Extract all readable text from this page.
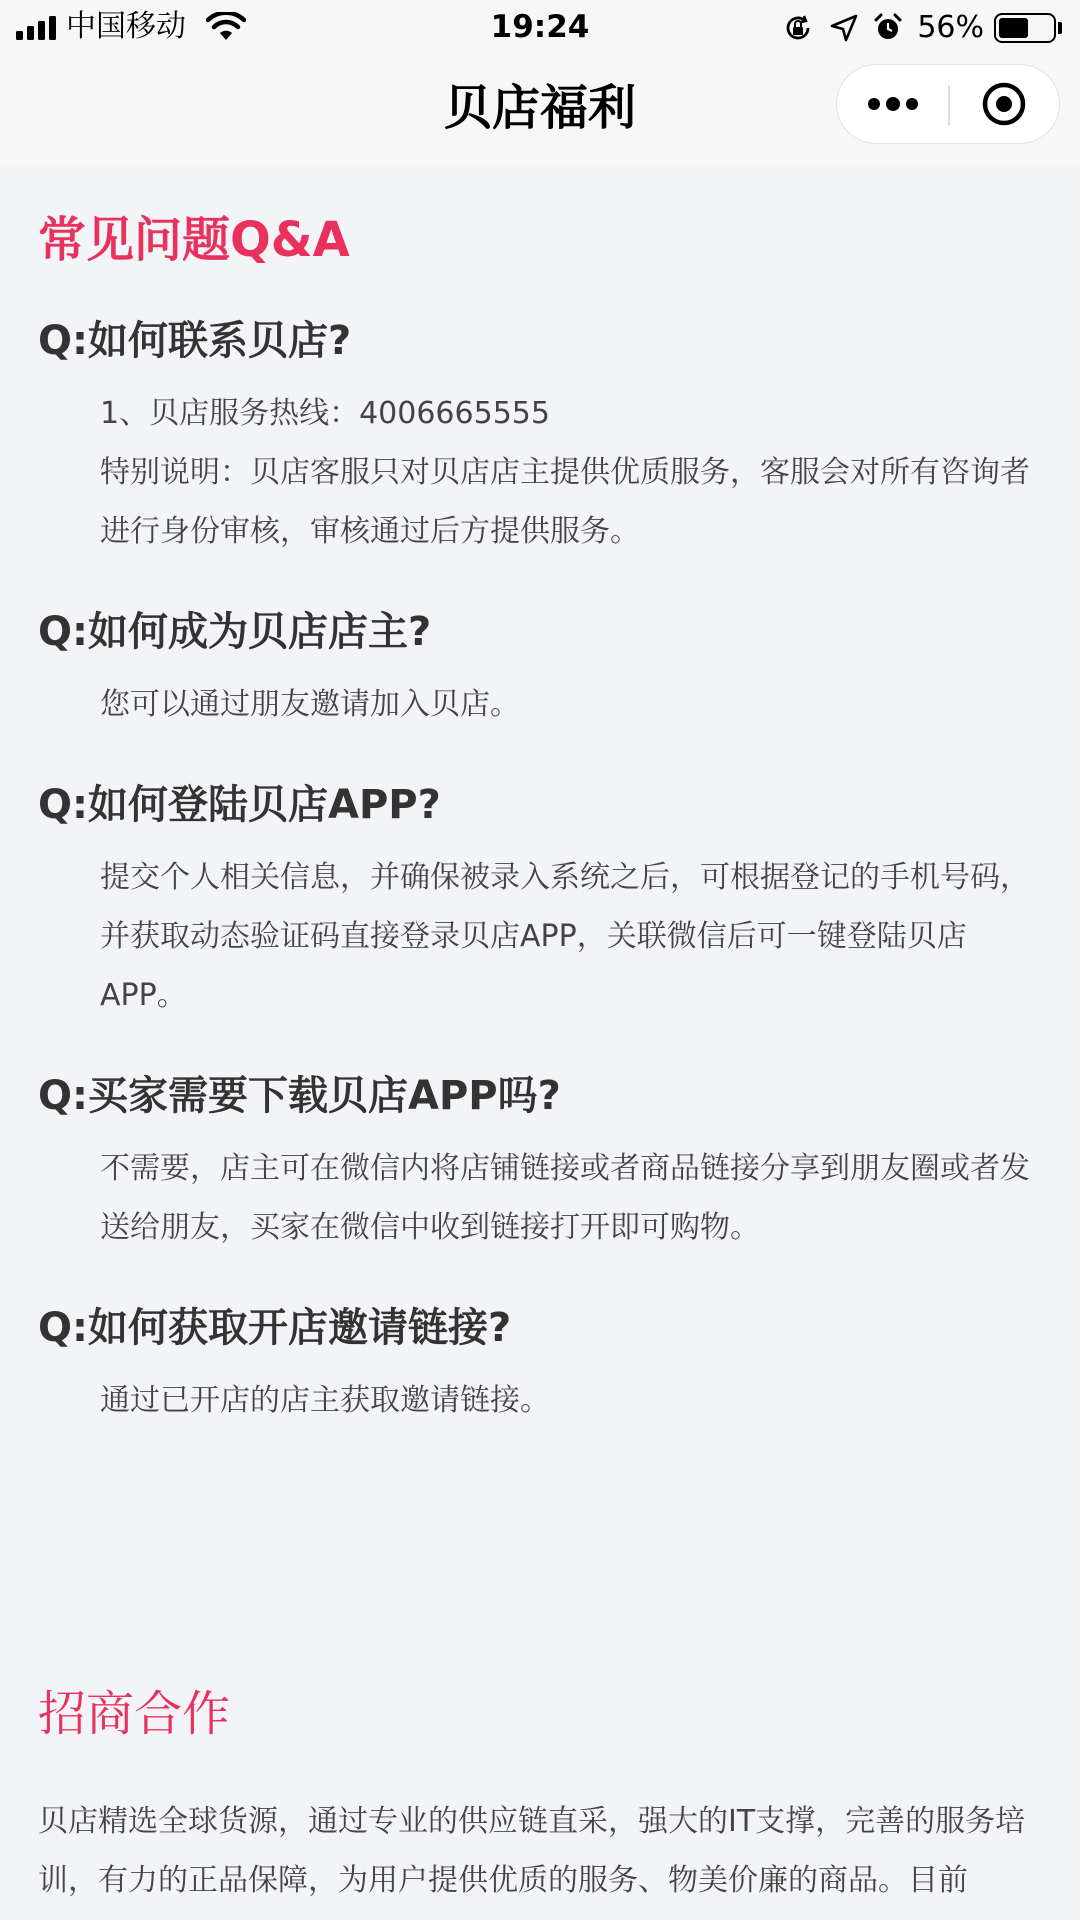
中国移动	19:24	56%
贝店福利
常见问题Q&A
Q:如何联系贝店?

1、贝店服务热线：4006665555

特别说明：贝店客服只对贝店店主提供优质服务，客服会对所有咨询者进行身份审核，审核通过后方提供服务。

Q:如何成为贝店店主?

您可以通过朋友邀请加入贝店。

Q:如何登陆贝店APP?

提交个人相关信息，并确保被录入系统之后，可根据登记的手机号码，并获取动态验证码直接登录贝店APP，关联微信后可一键登陆贝店APP。

Q:买家需要下载贝店APP吗?

不需要，店主可在微信内将店铺链接或者商品链接分享到朋友圈或者发送给朋友，买家在微信中收到链接打开即可购物。

Q:如何获取开店邀请链接?

通过已开店的店主获取邀请链接。

招商合作
贝店精选全球货源，通过专业的供应链直采，强大的IT支撑，完善的服务培训，有力的正品保障，为用户提供优质的服务、物美价廉的商品。目前
